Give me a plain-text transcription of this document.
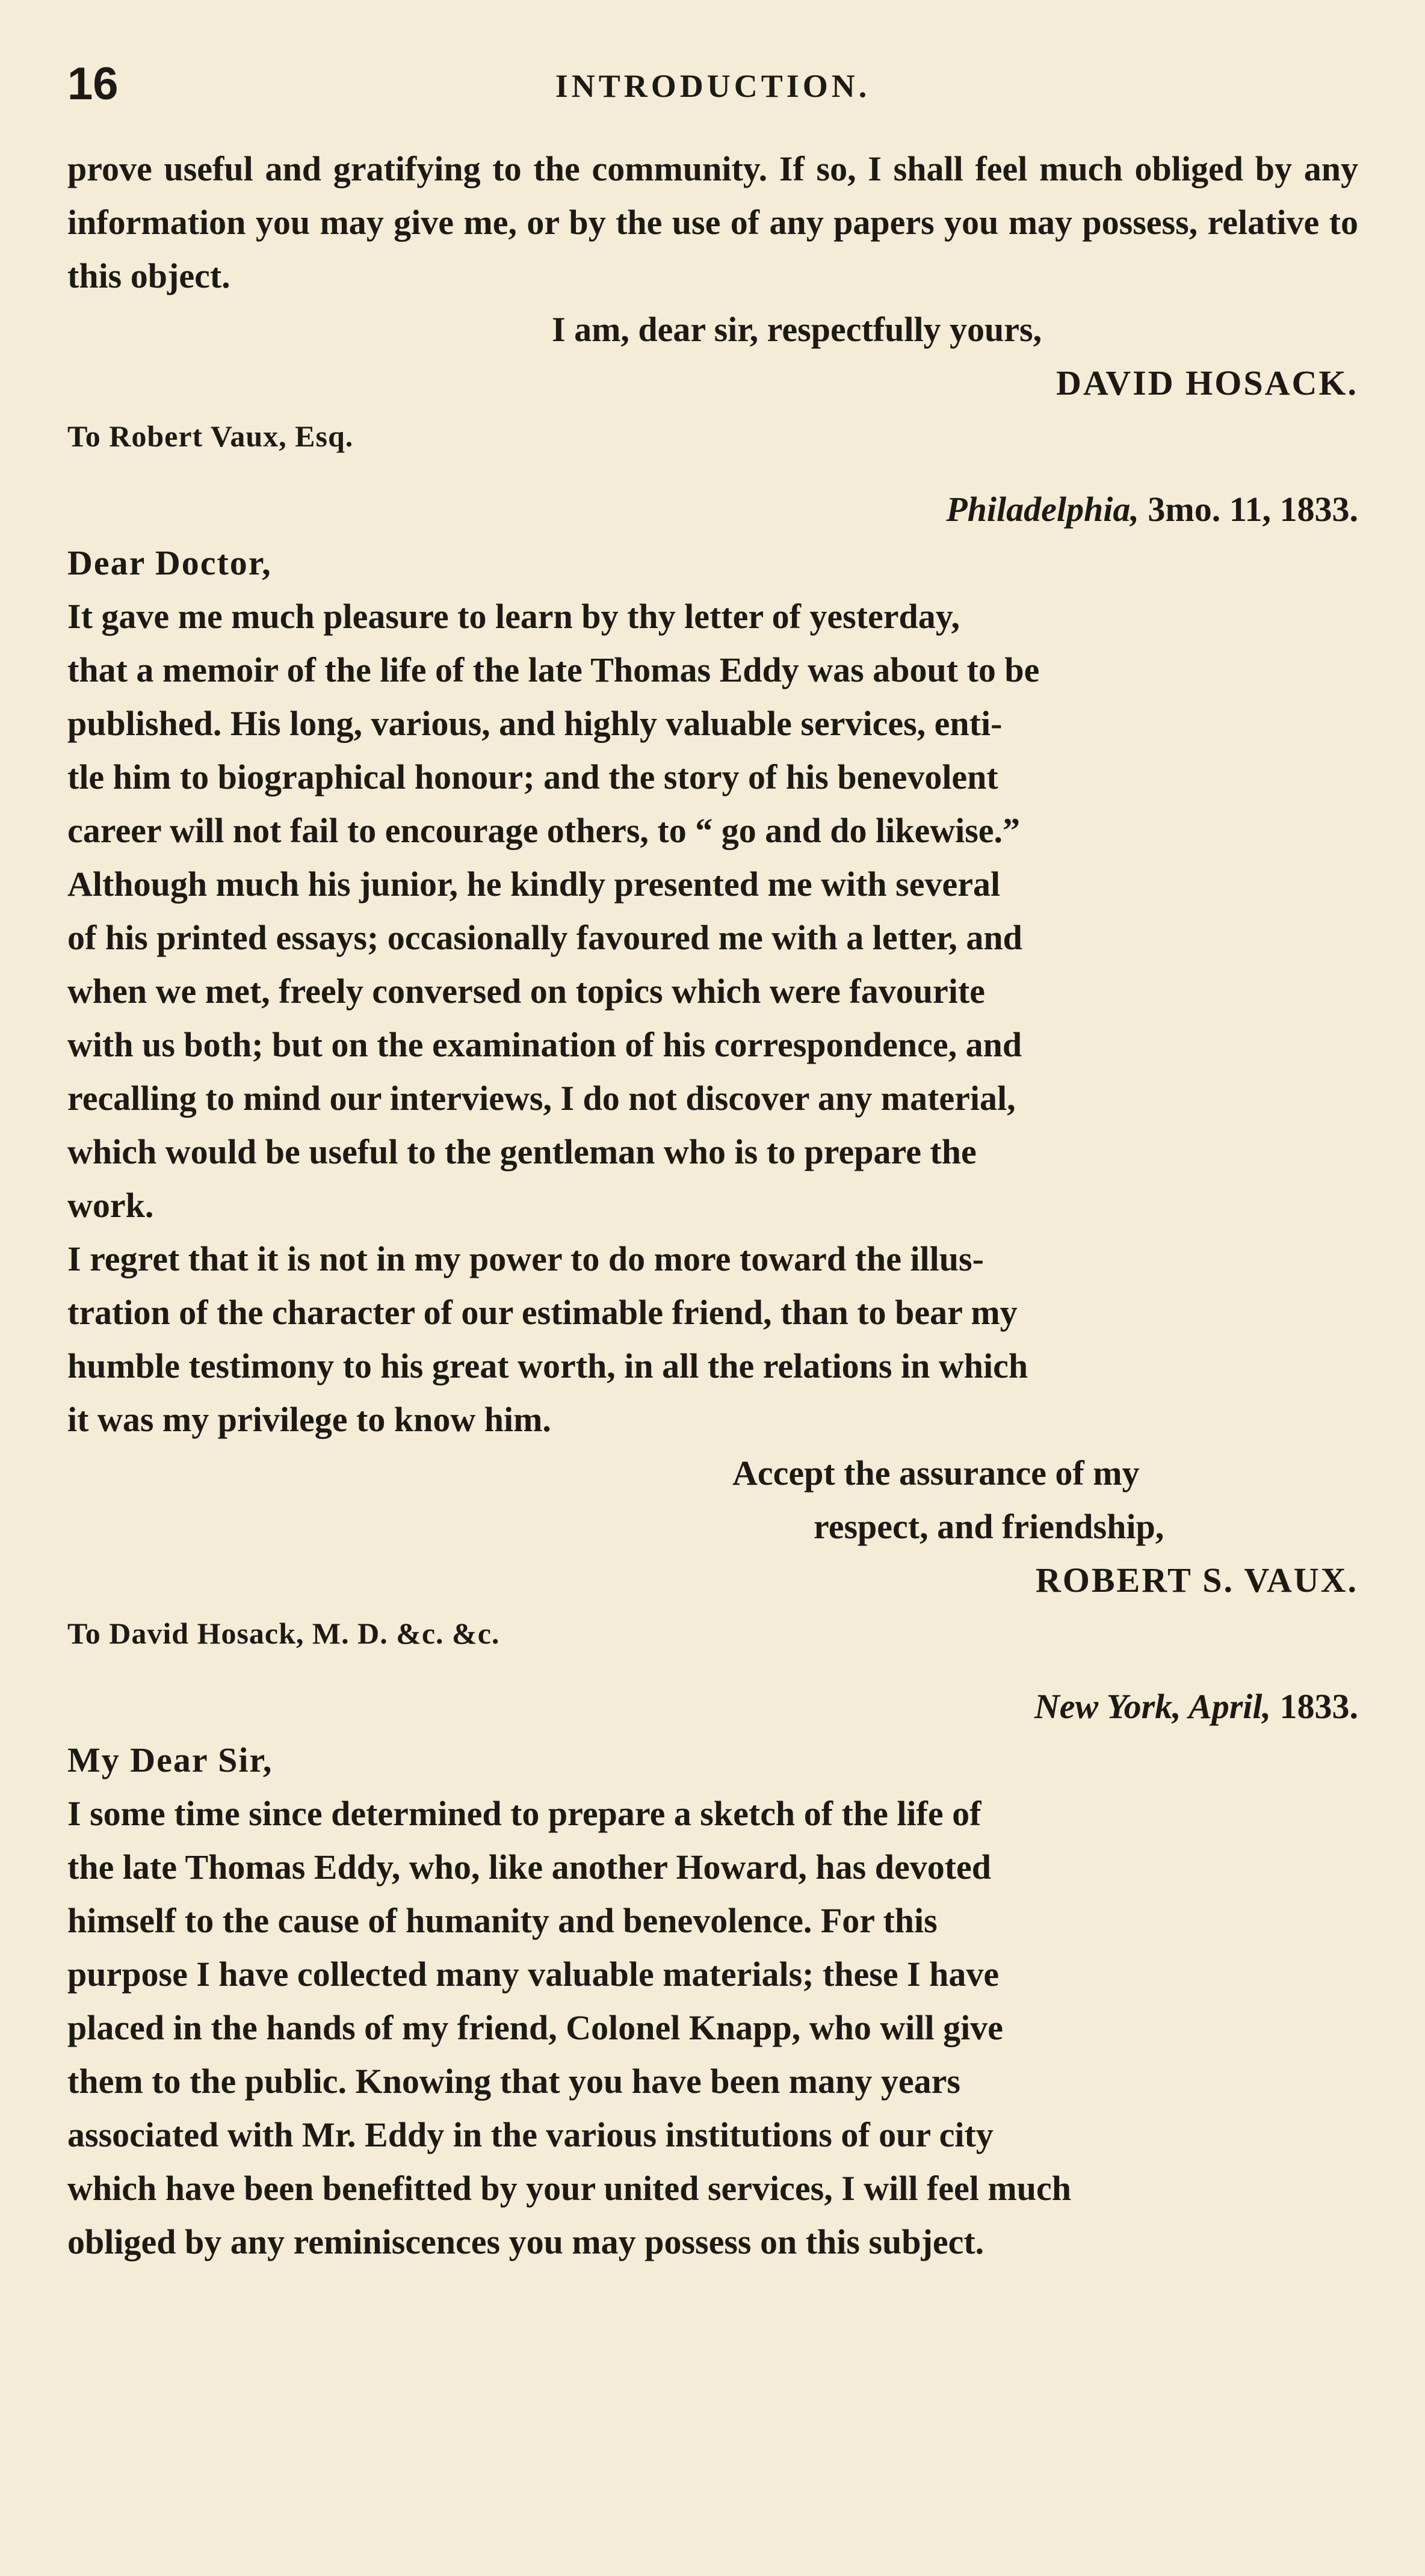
16	INTRODUCTION.

prove useful and gratifying to the community. If so, I shall feel much obliged by any information you may give me, or by the use of any papers you may possess, relative to this object.

I am, dear sir, respectfully yours,

DAVID HOSACK.

To Robert Vaux, Esq.

Philadelphia, 3mo. 11, 1833.

Dear Doctor,

It gave me much pleasure to learn by thy letter of yesterday,
that a memoir of the life of the late Thomas Eddy was about to be
published. His long, various, and highly valuable services, enti-
tle him to biographical honour; and the story of his benevolent
career will not fail to encourage others, to “ go and do likewise.”
Although much his junior, he kindly presented me with several
of his printed essays; occasionally favoured me with a letter, and
when we met, freely conversed on topics which were favourite
with us both; but on the examination of his correspondence, and
recalling to mind our interviews, I do not discover any material,
which would be useful to the gentleman who is to prepare the
work.

I regret that it is not in my power to do more toward the illus-
tration of the character of our estimable friend, than to bear my
humble testimony to his great worth, in all the relations in which
it was my privilege to know him.

Accept the assurance of my

respect, and friendship,

ROBERT S. VAUX.

To David Hosack, M. D. &c. &c.

New York, April, 1833.

My Dear Sir,

I some time since determined to prepare a sketch of the life of
the late Thomas Eddy, who, like another Howard, has devoted
himself to the cause of humanity and benevolence. For this
purpose I have collected many valuable materials; these I have
placed in the hands of my friend, Colonel Knapp, who will give
them to the public. Knowing that you have been many years
associated with Mr. Eddy in the various institutions of our city
which have been benefitted by your united services, I will feel much
obliged by any reminiscences you may possess on this subject.
